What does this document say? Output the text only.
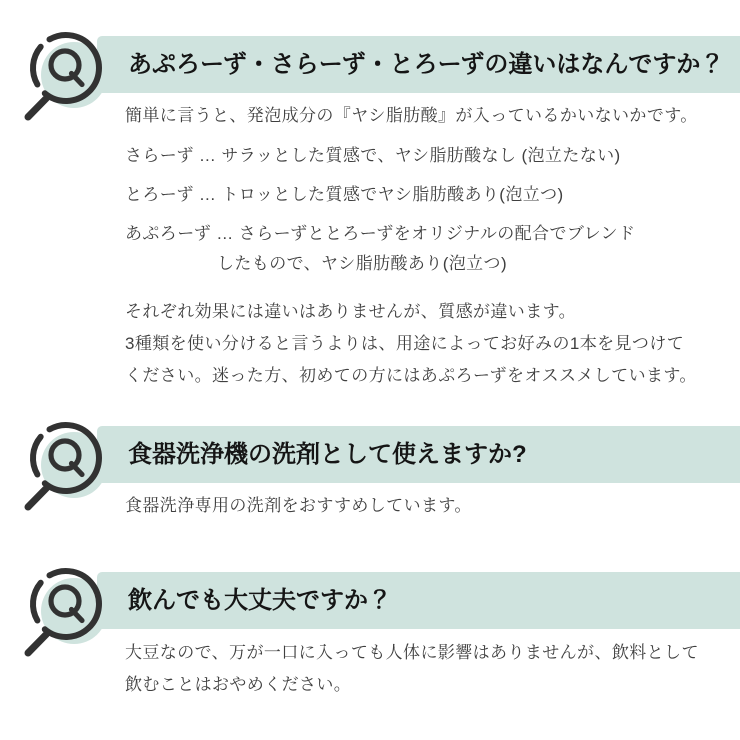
あぷろーず・さらーず・とろーずの違いはなんですか？

簡単に言うと、発泡成分の『ヤシ脂肪酸』が入っているかいないかです。

さらーず … サラッとした質感で、ヤシ脂肪酸なし (泡立たない)

とろーず … トロッとした質感でヤシ脂肪酸あり(泡立つ)

あぷろーず … さらーずととろーずをオリジナルの配合でブレンド

したもので、ヤシ脂肪酸あり(泡立つ)

それぞれ効果には違いはありませんが、質感が違います。

3種類を使い分けると言うよりは、用途によってお好みの1本を見つけて

ください。迷った方、初めての方にはあぷろーずをオススメしています。

食器洗浄機の洗剤として使えますか?

食器洗浄専用の洗剤をおすすめしています。

飲んでも大丈夫ですか？

大豆なので、万が一口に入っても人体に影響はありませんが、飲料として

飲むことはおやめください。
